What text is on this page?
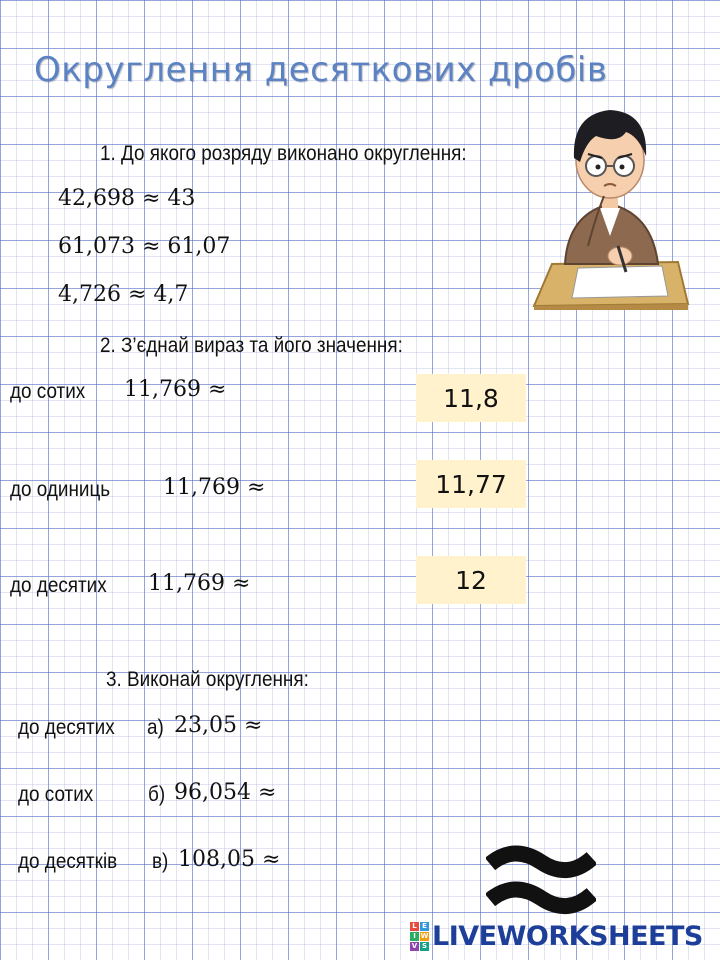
Округлення десяткових дробів
1. До якого розряду виконано округлення:
42,698 ≈ 43
61,073 ≈ 61,07
4,726 ≈ 4,7
2. З’єднай вираз та його значення:
до сотих 11,769 ≈
до одиниць 11,769 ≈
до десятих 11,769 ≈
11,8
11,77
12
3. Виконай округлення:
до десятих а) 23,05 ≈
до сотих	б) 96,054 ≈
до десятків в) 108,05 ≈
L E
I W
V S LIVEWORKSHEETS
